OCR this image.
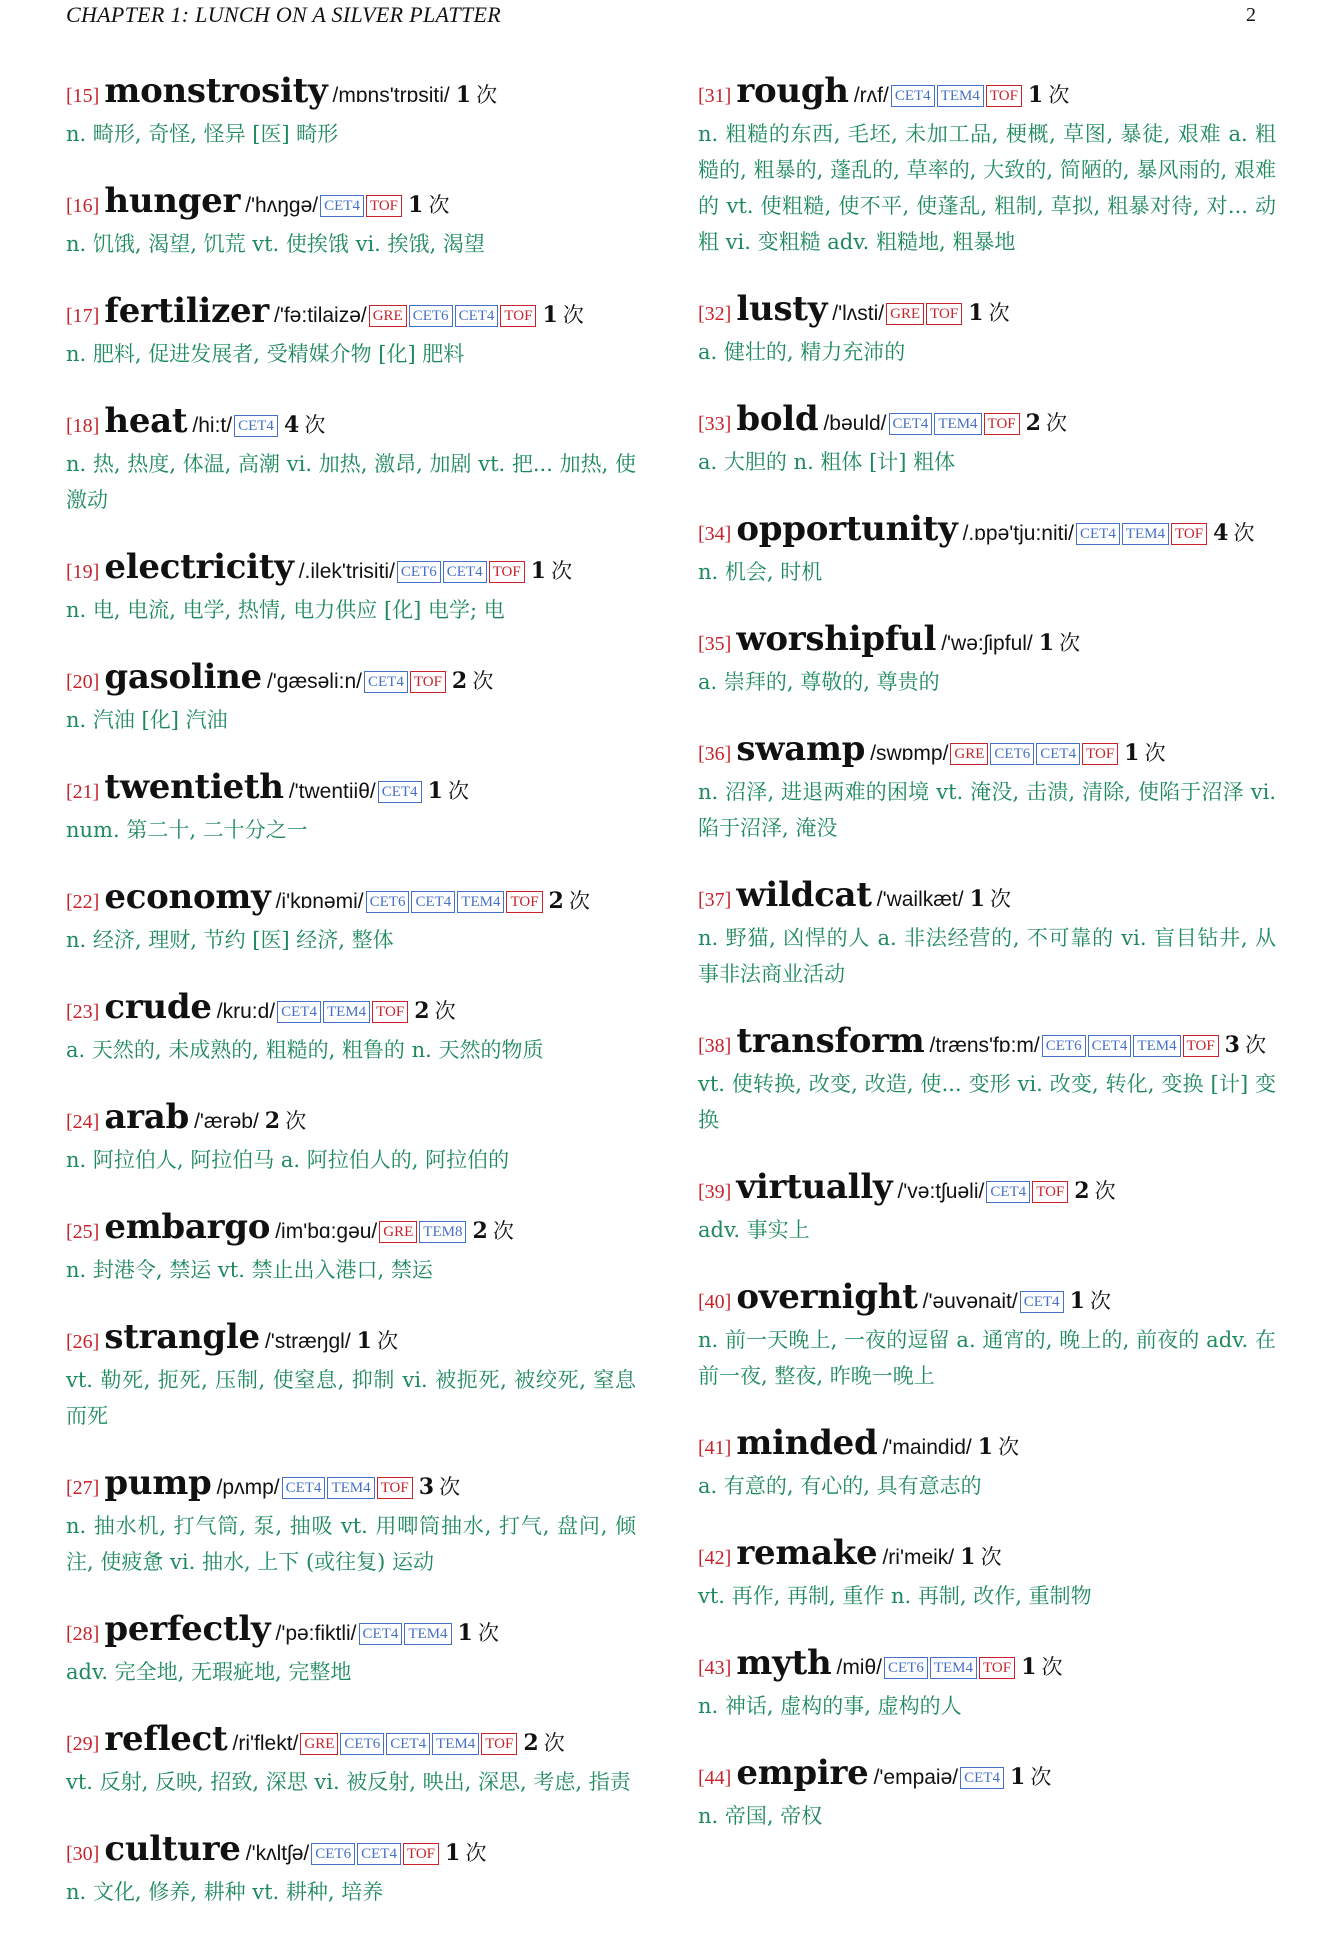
CHAPTER 1: LUNCH ON A SILVER PLATTER	2
[15] monstrosity /mɒns'trɒsiti/ 1 次
n. 畸形, 奇怪, 怪异 [医] 畸形
[16] hunger /'hʌŋgə/ CET4 TOF 1 次
n. 饥饿, 渴望, 饥荒 vt. 使挨饿 vi. 挨饿, 渴望
[17] fertilizer /'fə:tilaizə/ GRE CET6 CET4 TOF 1 次
n. 肥料, 促进发展者, 受精媒介物 [化] 肥料
[18] heat /hi:t/ CET4 4 次
n. 热, 热度, 体温, 高潮 vi. 加热, 激昂, 加剧 vt. 把... 加热, 使激动
[19] electricity /.ilek'trisiti/ CET6 CET4 TOF 1 次
n. 电, 电流, 电学, 热情, 电力供应 [化] 电学; 电
[20] gasoline /'gæsəli:n/ CET4 TOF 2 次
n. 汽油 [化] 汽油
[21] twentieth /'twentiiθ/ CET4 1 次
num. 第二十, 二十分之一
[22] economy /i'kɒnəmi/ CET6 CET4 TEM4 TOF 2 次
n. 经济, 理财, 节约 [医] 经济, 整体
[23] crude /kru:d/ CET4 TEM4 TOF 2 次
a. 天然的, 未成熟的, 粗糙的, 粗鲁的 n. 天然的物质
[24] arab /'ærəb/ 2 次
n. 阿拉伯人, 阿拉伯马 a. 阿拉伯人的, 阿拉伯的
[25] embargo /im'bɑ:gəu/ GRE TEM8 2 次
n. 封港令, 禁运 vt. 禁止出入港口, 禁运
[26] strangle /'stræŋgl/ 1 次
vt. 勒死, 扼死, 压制, 使窒息, 抑制 vi. 被扼死, 被绞死, 窒息而死
[27] pump /pʌmp/ CET4 TEM4 TOF 3 次
n. 抽水机, 打气筒, 泵, 抽吸 vt. 用唧筒抽水, 打气, 盘问, 倾注, 使疲惫 vi. 抽水, 上下 (或往复) 运动
[28] perfectly /'pə:fiktli/ CET4 TEM4 1 次
adv. 完全地, 无瑕疵地, 完整地
[29] reflect /ri'flekt/ GRE CET6 CET4 TEM4 TOF 2 次
vt. 反射, 反映, 招致, 深思 vi. 被反射, 映出, 深思, 考虑, 指责
[30] culture /'kʌltʃə/ CET6 CET4 TOF 1 次
n. 文化, 修养, 耕种 vt. 耕种, 培养
[31] rough /rʌf/ CET4 TEM4 TOF 1 次
n. 粗糙的东西, 毛坯, 未加工品, 梗概, 草图, 暴徒, 艰难 a. 粗糙的, 粗暴的, 蓬乱的, 草率的, 大致的, 简陋的, 暴风雨的, 艰难的 vt. 使粗糙, 使不平, 使蓬乱, 粗制, 草拟, 粗暴对待, 对... 动粗 vi. 变粗糙 adv. 粗糙地, 粗暴地
[32] lusty /'lʌsti/ GRE TOF 1 次
a. 健壮的, 精力充沛的
[33] bold /bəuld/ CET4 TEM4 TOF 2 次
a. 大胆的 n. 粗体 [计] 粗体
[34] opportunity /.ɒpə'tju:niti/ CET4 TEM4 TOF 4 次
n. 机会, 时机
[35] worshipful /'wə:ʃipful/ 1 次
a. 崇拜的, 尊敬的, 尊贵的
[36] swamp /swɒmp/ GRE CET6 CET4 TOF 1 次
n. 沼泽, 进退两难的困境 vt. 淹没, 击溃, 清除, 使陷于沼泽 vi. 陷于沼泽, 淹没
[37] wildcat /'wailkæt/ 1 次
n. 野猫, 凶悍的人 a. 非法经营的, 不可靠的 vi. 盲目钻井, 从事非法商业活动
[38] transform /træns'fɒ:m/ CET6 CET4 TEM4 TOF 3 次
vt. 使转换, 改变, 改造, 使... 变形 vi. 改变, 转化, 变换 [计] 变换
[39] virtually /'və:tʃuəli/ CET4 TOF 2 次
adv. 事实上
[40] overnight /'əuvənait/ CET4 1 次
n. 前一天晚上, 一夜的逗留 a. 通宵的, 晚上的, 前夜的 adv. 在前一夜, 整夜, 昨晚一晚上
[41] minded /'maindid/ 1 次
a. 有意的, 有心的, 具有意志的
[42] remake /ri'meik/ 1 次
vt. 再作, 再制, 重作 n. 再制, 改作, 重制物
[43] myth /miθ/ CET6 TEM4 TOF 1 次
n. 神话, 虚构的事, 虚构的人
[44] empire /'empaiə/ CET4 1 次
n. 帝国, 帝权
